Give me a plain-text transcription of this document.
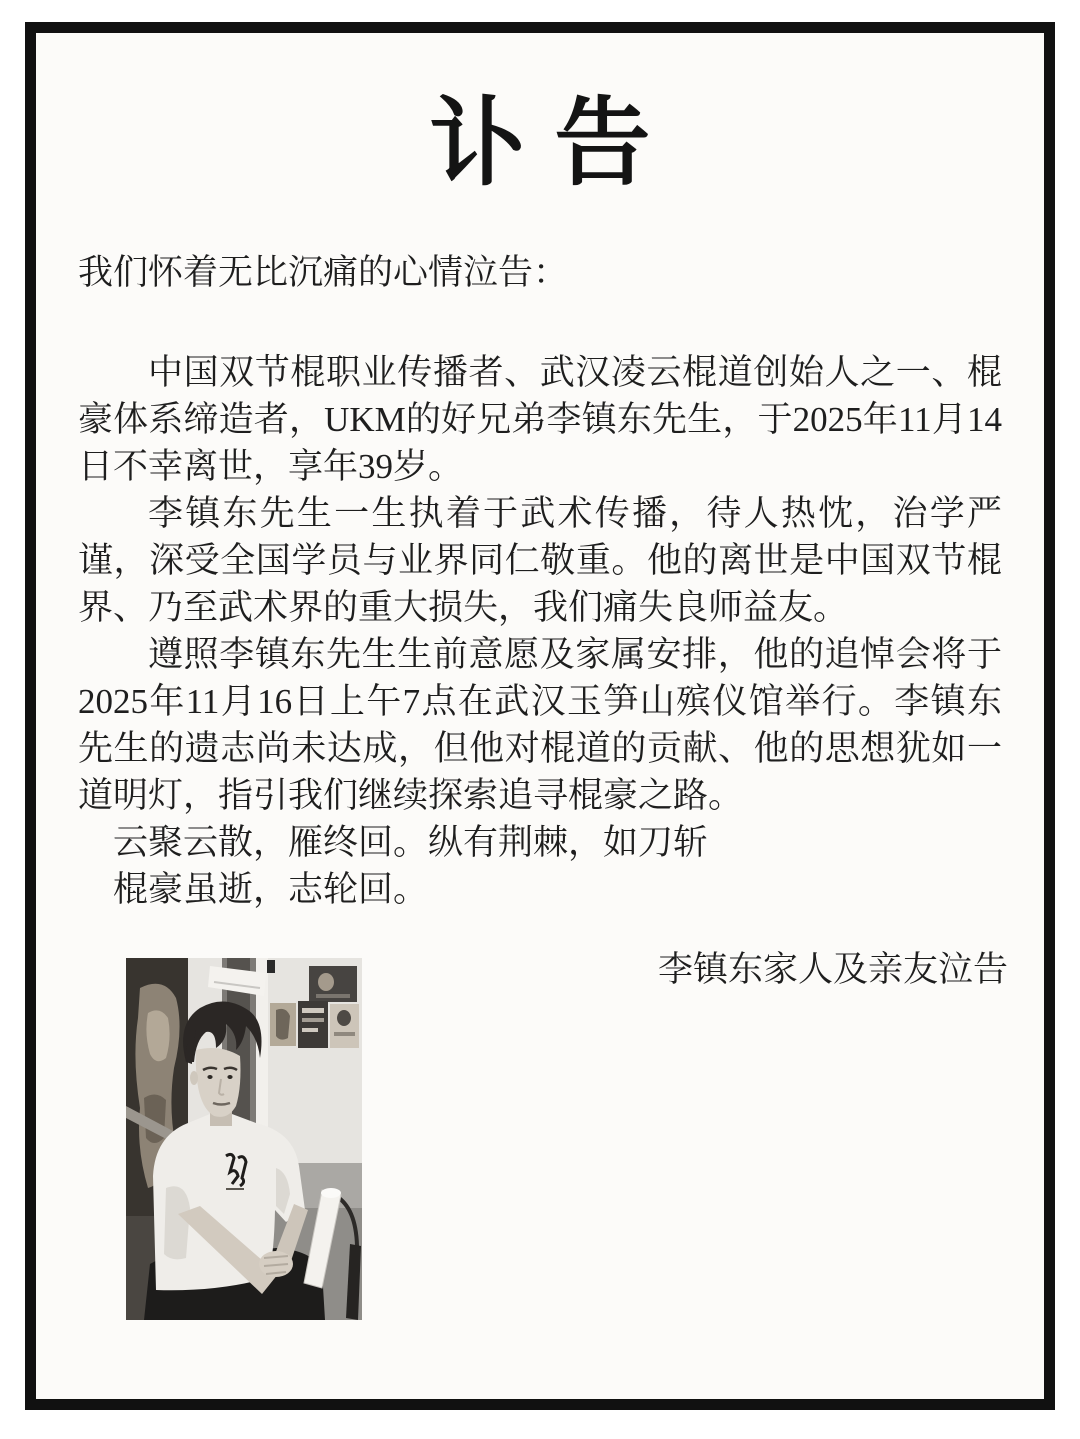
讣告

我们怀着无比沉痛的心情泣告：

中国双节棍职业传播者、武汉凌云棍道创始人之一、棍豪体系缔造者，UKM的好兄弟李镇东先生，于2025年11月14日不幸离世，享年39岁。

李镇东先生一生执着于武术传播，待人热忱，治学严谨，深受全国学员与业界同仁敬重。他的离世是中国双节棍界、乃至武术界的重大损失，我们痛失良师益友。

遵照李镇东先生生前意愿及家属安排，他的追悼会将于2025年11月16日上午7点在武汉玉笋山殡仪馆举行。李镇东先生的遗志尚未达成，但他对棍道的贡献、他的思想犹如一道明灯，指引我们继续探索追寻棍豪之路。

云聚云散，雁终回。纵有荆棘，如刀斩

棍豪虽逝，志轮回。

李镇东家人及亲友泣告
